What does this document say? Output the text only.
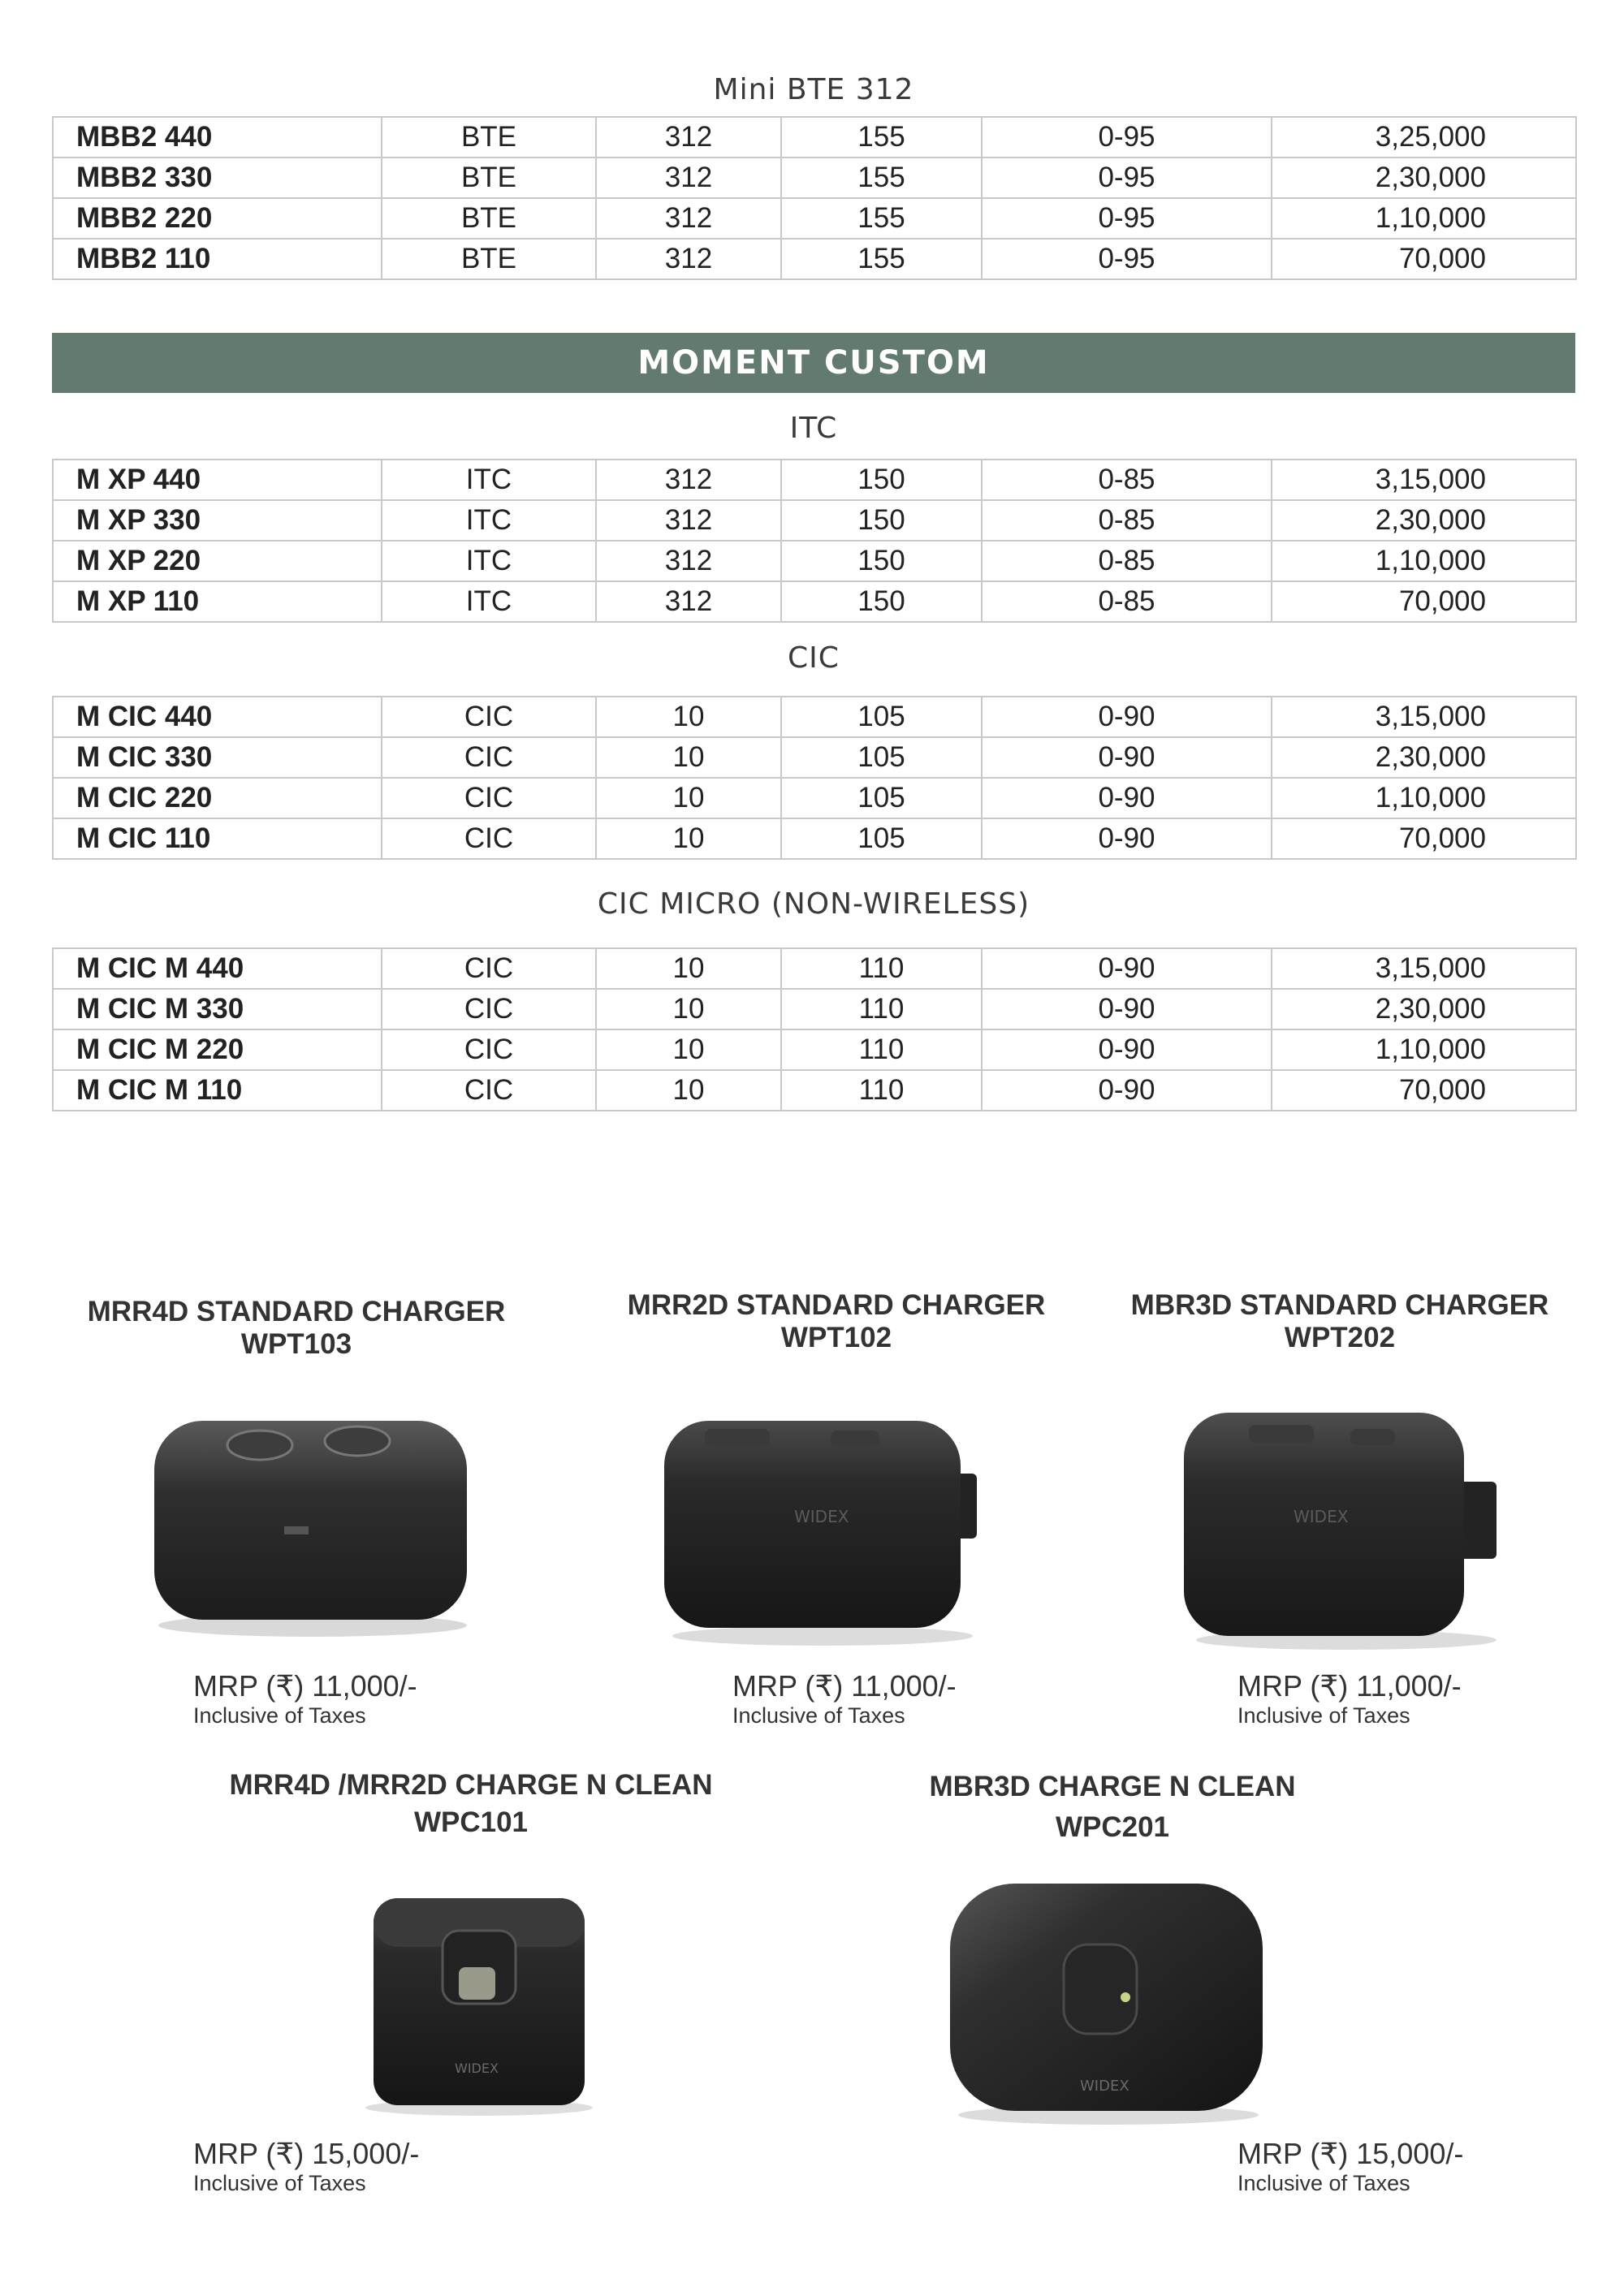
Mini BTE 312
MBB2 440	BTE	312	155	0-95	3,25,000
MBB2 330	BTE	312	155	0-95	2,30,000
MBB2 220	BTE	312	155	0-95	1,10,000
MBB2 110	BTE	312	155	0-95	70,000
MOMENT CUSTOM
ITC
M XP 440	ITC	312	150	0-85	3,15,000
M XP 330	ITC	312	150	0-85	2,30,000
M XP 220	ITC	312	150	0-85	1,10,000
M XP 110	ITC	312	150	0-85	70,000
CIC
M CIC 440	CIC	10	105	0-90	3,15,000
M CIC 330	CIC	10	105	0-90	2,30,000
M CIC 220	CIC	10	105	0-90	1,10,000
M CIC 110	CIC	10	105	0-90	70,000
CIC MICRO (NON-WIRELESS)
M CIC M 440	CIC	10	110	0-90	3,15,000
M CIC M 330	CIC	10	110	0-90	2,30,000
M CIC M 220	CIC	10	110	0-90	1,10,000
M CIC M 110	CIC	10	110	0-90	70,000
MRR4D STANDARD CHARGER
WPT103
MRP (₹) 11,000/-
Inclusive of Taxes
MRR2D STANDARD CHARGER
WPT102
WIDEX
MRP (₹) 11,000/-
Inclusive of Taxes
MBR3D STANDARD CHARGER
WPT202
WIDEX
MRP (₹) 11,000/-
Inclusive of Taxes
MRR4D /MRR2D CHARGE N CLEAN
WPC101
WIDEX
MRP (₹) 15,000/-
Inclusive of Taxes
MBR3D CHARGE N CLEAN
WPC201
WIDEX
MRP (₹) 15,000/-
Inclusive of Taxes
